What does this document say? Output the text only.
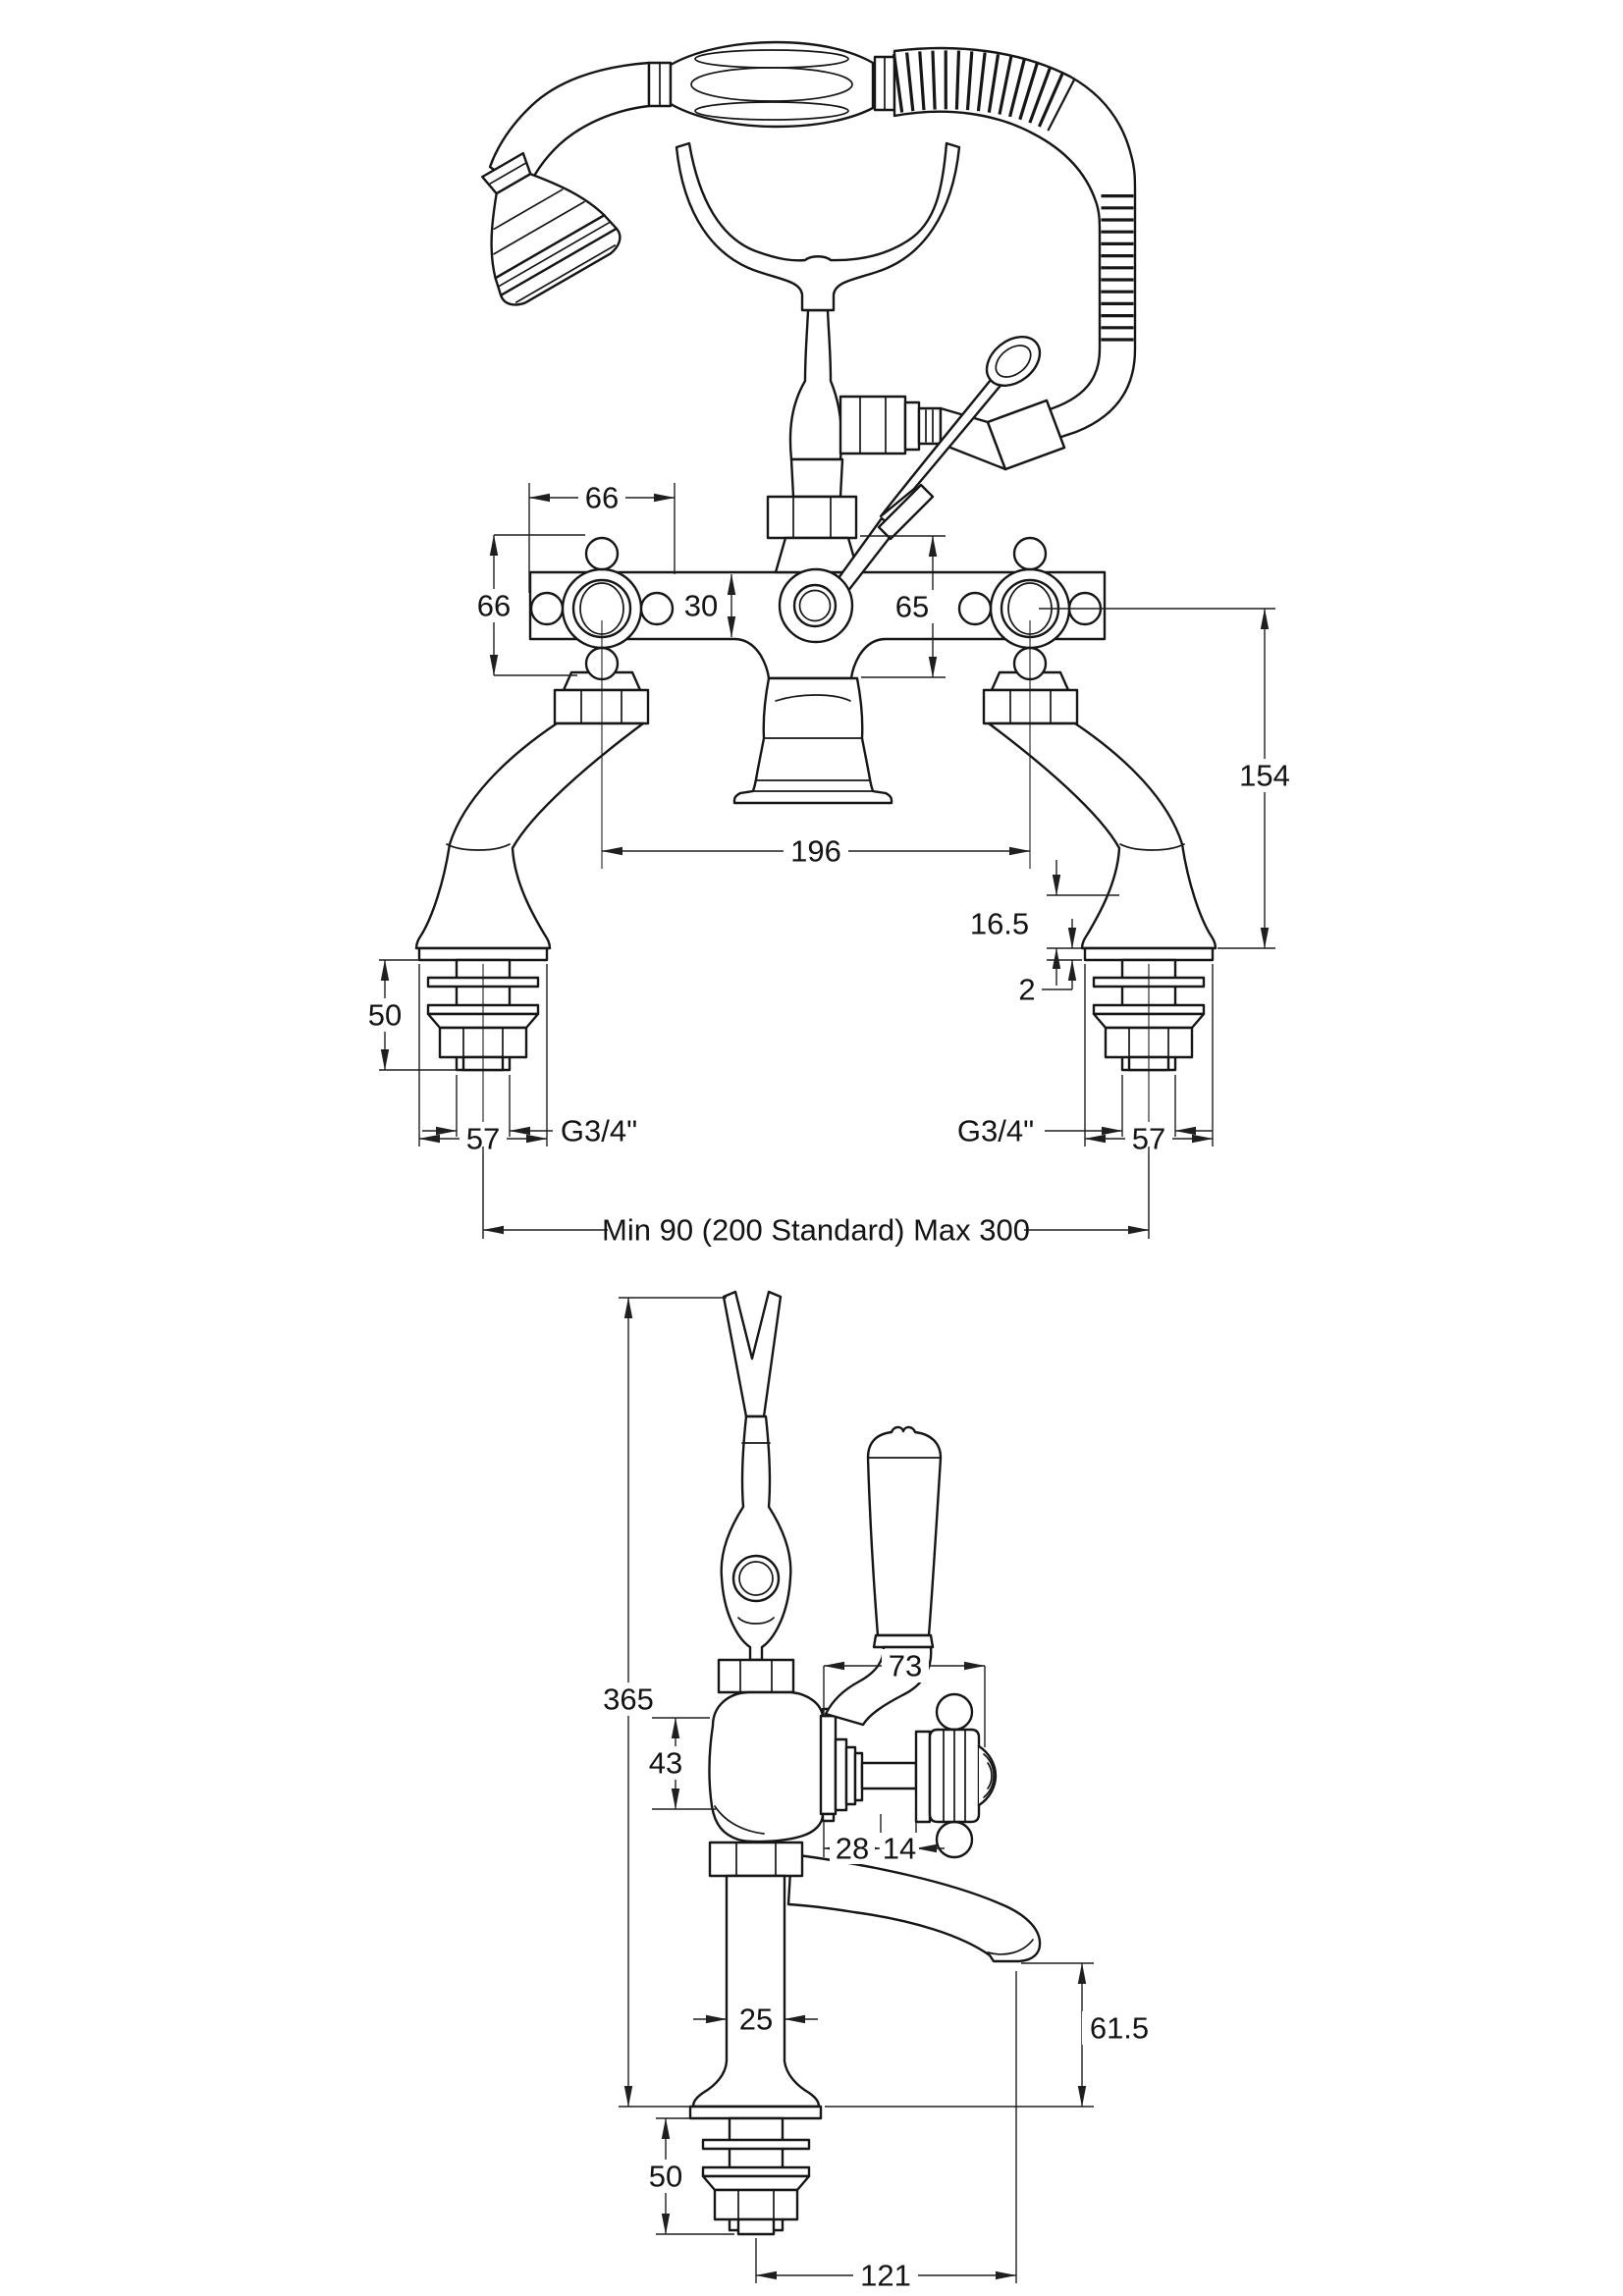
66
66	30	65
196
154
16.5
2
50
G3/4"	G3/4"
57	57
Min 90 (200 Standard) Max 300
365
73
43
28 14
25	61.5
50
121
